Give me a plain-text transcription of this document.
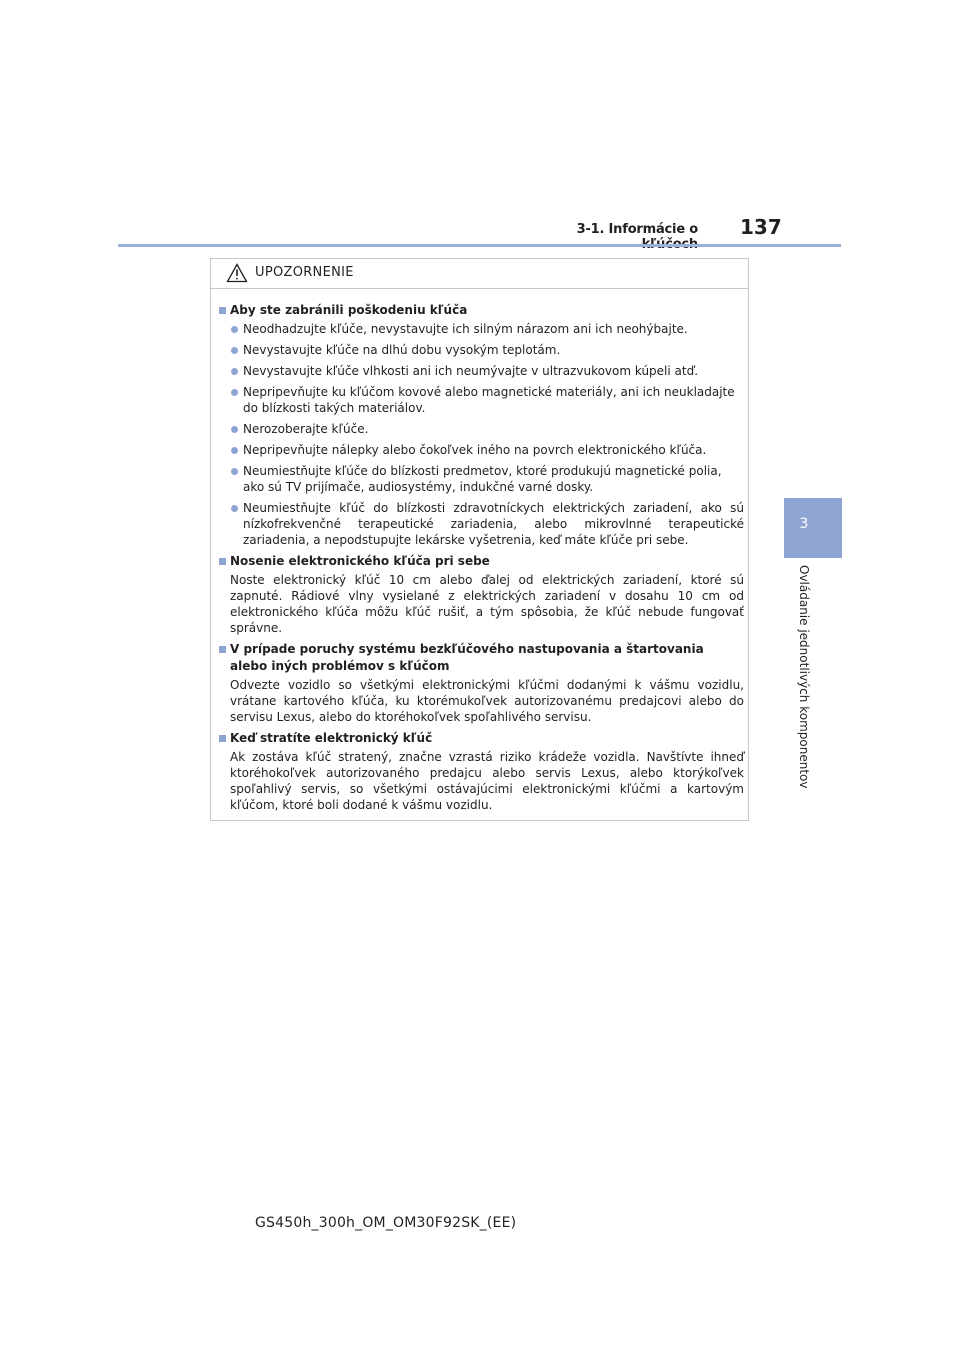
3-1. Informácie o 137
3
Ovládanie jednotlivých komponentov
UPOZORNENIE
Aby ste zabránili poškodeniu kľúča
Neodhadzujte kľúče, nevystavujte ich silným nárazom ani ich neohýbajte.
Nevystavujte kľúče na dlhú dobu vysokým teplotám.
Nevystavujte kľúče vlhkosti ani ich neumývajte v ultrazvukovom kúpeli atď.
Nepripevňujte ku kľúčom kovové alebo magnetické materiály, ani ich neukladajte do blízkosti takých materiálov.
Nerozoberajte kľúče.
Nepripevňujte nálepky alebo čokoľvek iného na povrch elektronického kľúča.
Neumiestňujte kľúče do blízkosti predmetov, ktoré produkujú magnetické polia, ako sú TV prijímače, audiosystémy, indukčné varné dosky.
Neumiestňujte kľúč do blízkosti zdravotníckych elektrických zariadení, ako sú nízkofrekvenčné terapeutické zariadenia, alebo mikrovlnné terapeutické zariadenia, a nepodstupujte lekárske vyšetrenia, keď máte kľúče pri sebe.
Nosenie elektronického kľúča pri sebe
Noste elektronický kľúč 10 cm alebo ďalej od elektrických zariadení, ktoré sú zapnuté. Rádiové vlny vysielané z elektrických zariadení v dosahu 10 cm od elektronického kľúča môžu kľúč rušiť, a tým spôsobia, že kľúč nebude fungovať správne.
V prípade poruchy systému bezkľúčového nastupovania a štartovania alebo iných problémov s kľúčom
Odvezte vozidlo so všetkými elektronickými kľúčmi dodanými k vášmu vozidlu, vrátane kartového kľúča, ku ktorémukoľvek autorizovanému predajcovi alebo do servisu Lexus, alebo do ktoréhokoľvek spoľahlivého servisu.
Keď stratíte elektronický kľúč
Ak zostáva kľúč stratený, značne vzrastá riziko krádeže vozidla. Navštívte ihneď ktoréhokoľvek autorizovaného predajcu alebo servis Lexus, alebo ktorýkoľvek spoľahlivý servis, so všetkými ostávajúcimi elektronickými kľúčmi a kartovým kľúčom, ktoré boli dodané k vášmu vozidlu.
GS450h_300h_OM_OM30F92SK_(EE)
